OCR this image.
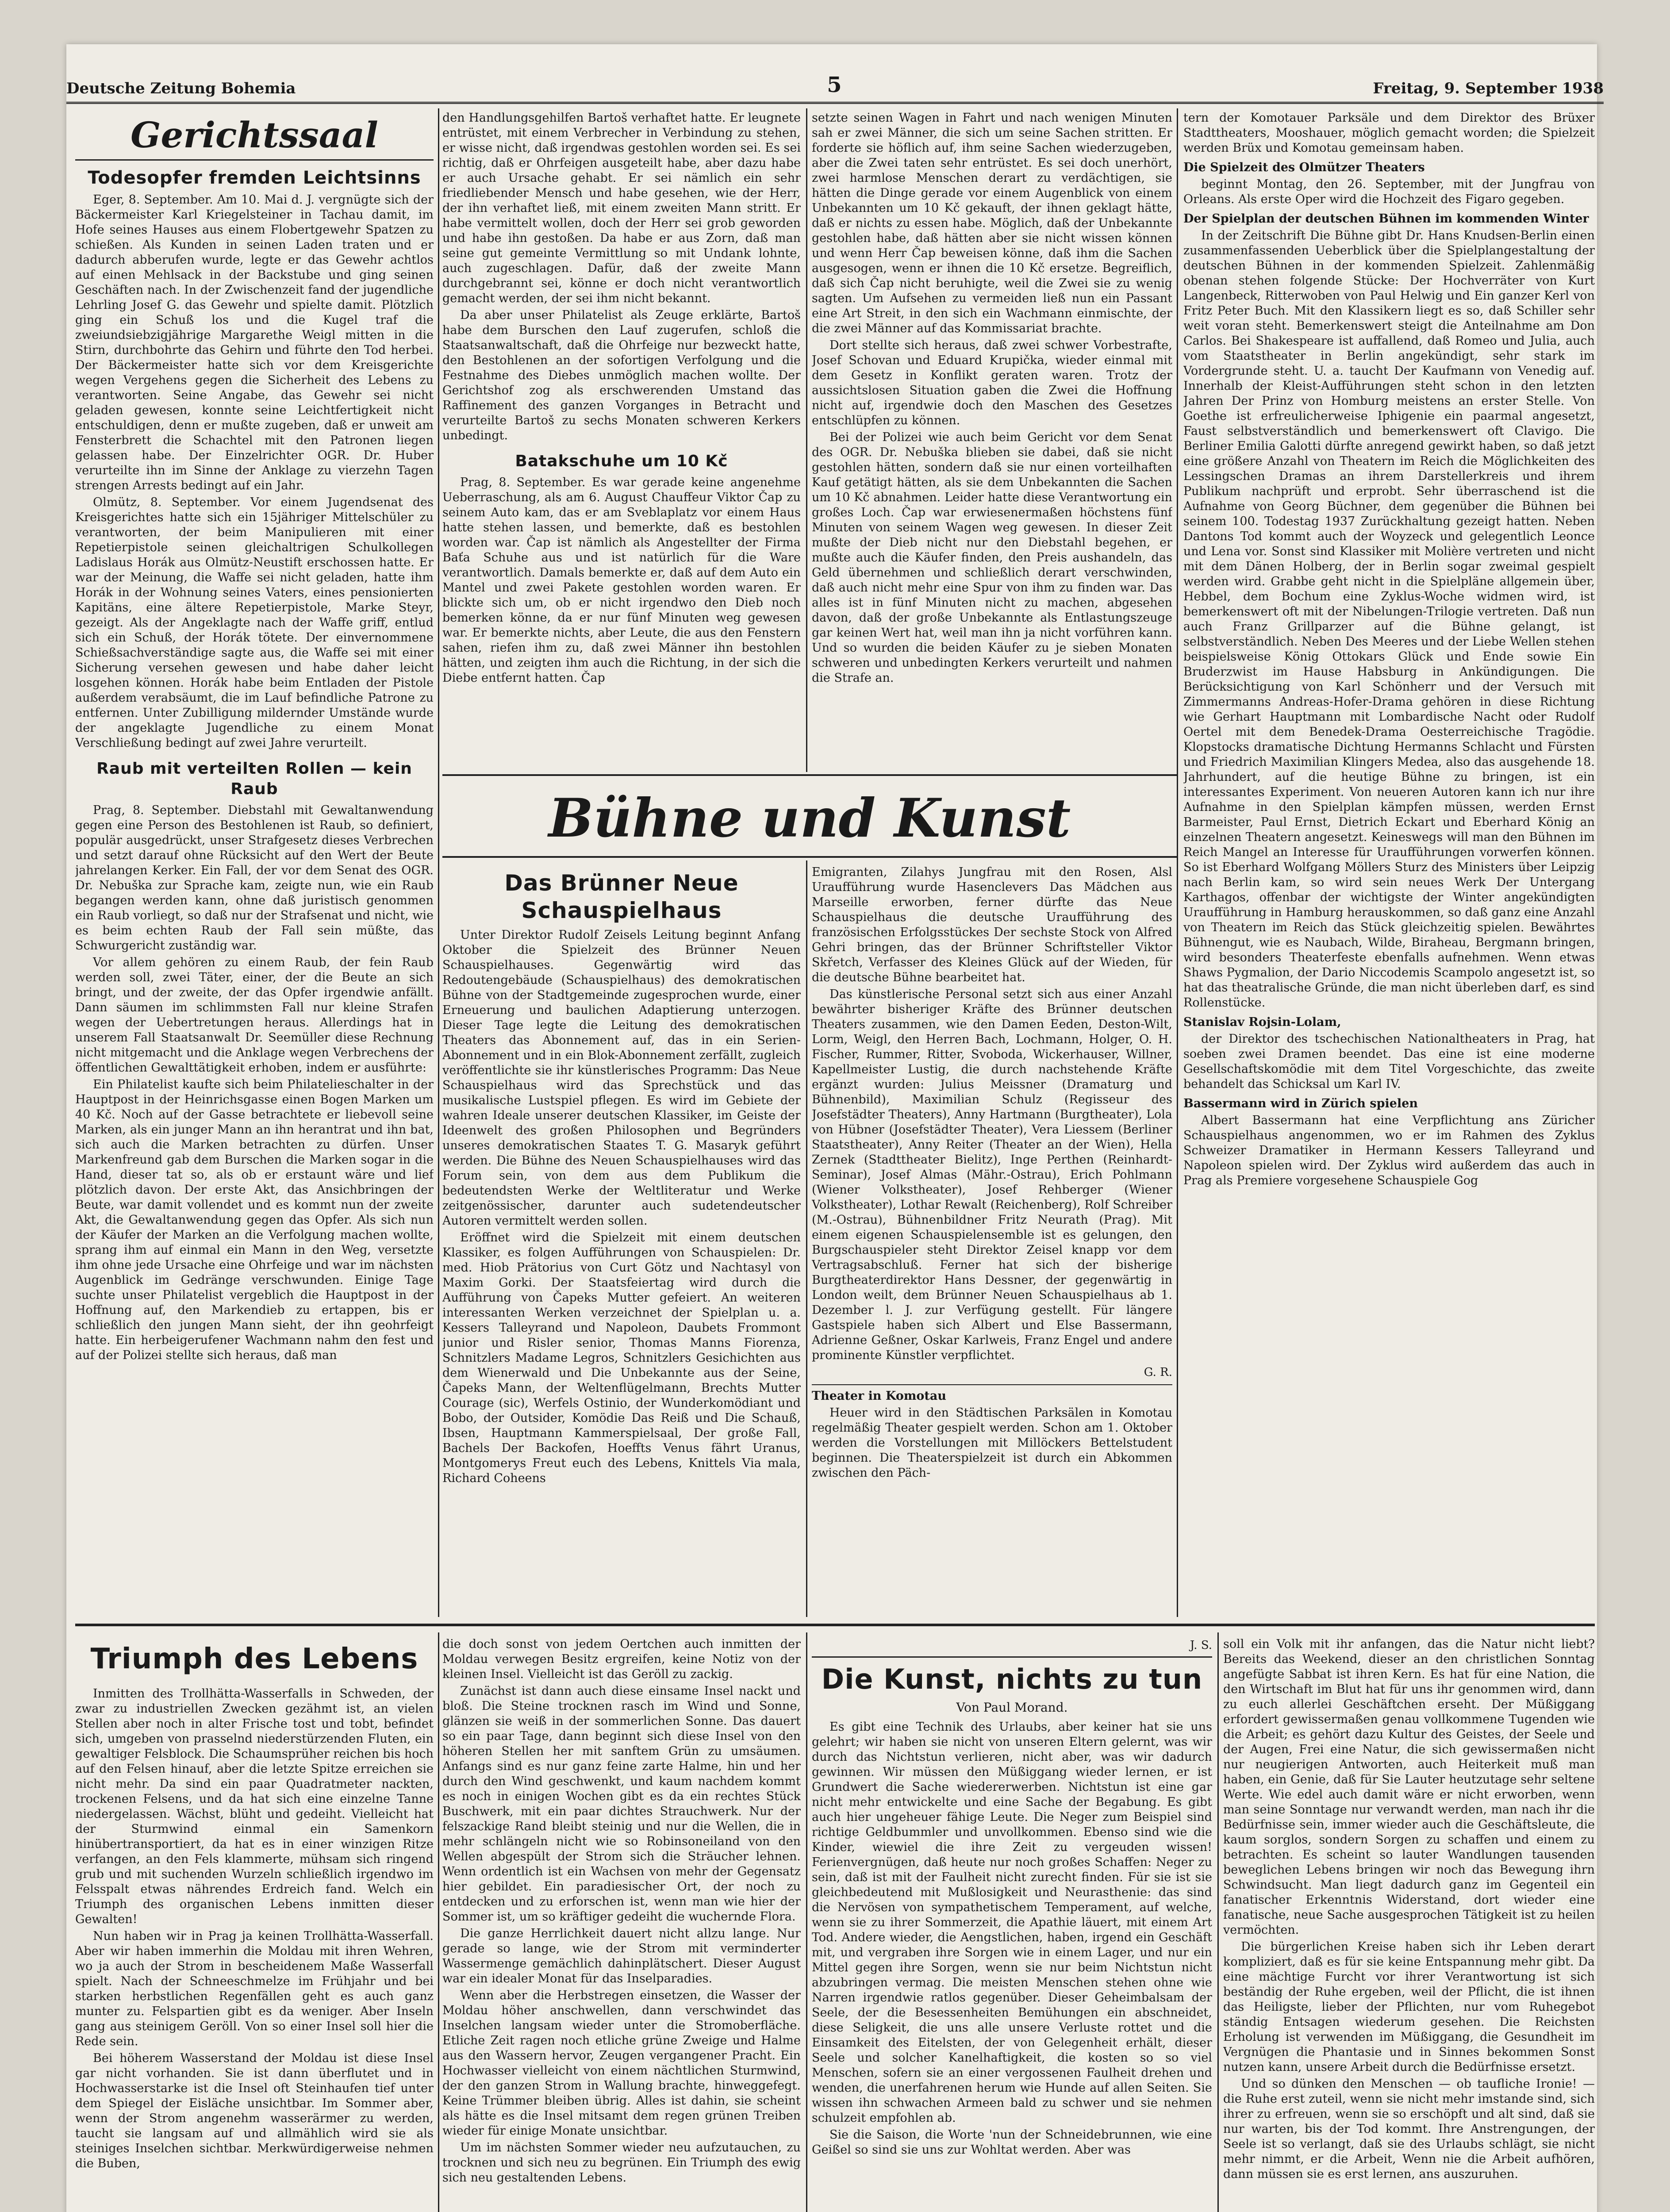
Deutsche Zeitung Bohemia	5	Freitag, 9. September 1938
Gerichtssaal
Todesopfer fremden Leichtsinns

Eger, 8. September. Am 10. Mai d. J. vergnügte sich der Bäckermeister Karl Kriegelsteiner in Tachau damit, im Hofe seines Hauses aus einem Flobertgewehr Spatzen zu schießen. Als Kunden in seinen Laden traten und er dadurch abberufen wurde, legte er das Gewehr achtlos auf einen Mehlsack in der Backstube und ging seinen Geschäften nach. In der Zwischenzeit fand der jugendliche Lehrling Josef G. das Gewehr und spielte damit. Plötzlich ging ein Schuß los und die Kugel traf die zweiundsiebzigjährige Margarethe Weigl mitten in die Stirn, durchbohrte das Gehirn und führte den Tod herbei. Der Bäckermeister hatte sich vor dem Kreisgerichte wegen Vergehens gegen die Sicherheit des Lebens zu verantworten. Seine Angabe, das Gewehr sei nicht geladen gewesen, konnte seine Leichtfertigkeit nicht entschuldigen, denn er mußte zugeben, daß er unweit am Fensterbrett die Schachtel mit den Patronen liegen gelassen habe. Der Einzelrichter OGR. Dr. Huber verurteilte ihn im Sinne der Anklage zu vierzehn Tagen strengen Arrests bedingt auf ein Jahr.

Olmütz, 8. September. Vor einem Jugendsenat des Kreisgerichtes hatte sich ein 15jähriger Mittelschüler zu verantworten, der beim Manipulieren mit einer Repetierpistole seinen gleichaltrigen Schulkollegen Ladislaus Horák aus Olmütz-Neustift erschossen hatte. Er war der Meinung, die Waffe sei nicht geladen, hatte ihm Horák in der Wohnung seines Vaters, eines pensionierten Kapitäns, eine ältere Repetierpistole, Marke Steyr, gezeigt. Als der Angeklagte nach der Waffe griff, entlud sich ein Schuß, der Horák tötete. Der einvernommene Schießsachverständige sagte aus, die Waffe sei mit einer Sicherung versehen gewesen und habe daher leicht losgehen können. Horák habe beim Entladen der Pistole außerdem verabsäumt, die im Lauf befindliche Patrone zu entfernen. Unter Zubilligung mildernder Umstände wurde der angeklagte Jugendliche zu einem Monat Verschließung bedingt auf zwei Jahre verurteilt.

Raub mit verteilten Rollen — kein Raub

Prag, 8. September. Diebstahl mit Gewaltanwendung gegen eine Person des Bestohlenen ist Raub, so definiert, populär ausgedrückt, unser Strafgesetz dieses Verbrechen und setzt darauf ohne Rücksicht auf den Wert der Beute jahrelangen Kerker. Ein Fall, der vor dem Senat des OGR. Dr. Nebuška zur Sprache kam, zeigte nun, wie ein Raub begangen werden kann, ohne daß juristisch genommen ein Raub vorliegt, so daß nur der Strafsenat und nicht, wie es beim echten Raub der Fall sein müßte, das Schwurgericht zuständig war.

Vor allem gehören zu einem Raub, der fein Raub werden soll, zwei Täter, einer, der die Beute an sich bringt, und der zweite, der das Opfer irgendwie anfällt. Dann säumen im schlimmsten Fall nur kleine Strafen wegen der Uebertretungen heraus. Allerdings hat in unserem Fall Staatsanwalt Dr. Seemüller diese Rechnung nicht mitgemacht und die Anklage wegen Verbrechens der öffentlichen Gewalttätigkeit erhoben, indem er ausführte:

Ein Philatelist kaufte sich beim Philatelieschalter in der Hauptpost in der Heinrichsgasse einen Bogen Marken um 40 Kč. Noch auf der Gasse betrachtete er liebevoll seine Marken, als ein junger Mann an ihn herantrat und ihn bat, sich auch die Marken betrachten zu dürfen. Unser Markenfreund gab dem Burschen die Marken sogar in die Hand, dieser tat so, als ob er erstaunt wäre und lief plötzlich davon. Der erste Akt, das Ansichbringen der Beute, war damit vollendet und es kommt nun der zweite Akt, die Gewaltanwendung gegen das Opfer. Als sich nun der Käufer der Marken an die Verfolgung machen wollte, sprang ihm auf einmal ein Mann in den Weg, versetzte ihm ohne jede Ursache eine Ohrfeige und war im nächsten Augenblick im Gedränge verschwunden. Einige Tage suchte unser Philatelist vergeblich die Hauptpost in der Hoffnung auf, den Markendieb zu ertappen, bis er schließlich den jungen Mann sieht, der ihn geohrfeigt hatte. Ein herbeigerufener Wachmann nahm den fest und auf der Polizei stellte sich heraus, daß man

den Handlungsgehilfen Bartoš verhaftet hatte. Er leugnete entrüstet, mit einem Verbrecher in Verbindung zu stehen, er wisse nicht, daß irgendwas gestohlen worden sei. Es sei richtig, daß er Ohrfeigen ausgeteilt habe, aber dazu habe er auch Ursache gehabt. Er sei nämlich ein sehr friedliebender Mensch und habe gesehen, wie der Herr, der ihn verhaftet ließ, mit einem zweiten Mann stritt. Er habe vermittelt wollen, doch der Herr sei grob geworden und habe ihn gestoßen. Da habe er aus Zorn, daß man seine gut gemeinte Vermittlung so mit Undank lohnte, auch zugeschlagen. Dafür, daß der zweite Mann durchgebrannt sei, könne er doch nicht verantwortlich gemacht werden, der sei ihm nicht bekannt.

Da aber unser Philatelist als Zeuge erklärte, Bartoš habe dem Burschen den Lauf zugerufen, schloß die Staatsanwaltschaft, daß die Ohrfeige nur bezweckt hatte, den Bestohlenen an der sofortigen Verfolgung und die Festnahme des Diebes unmöglich machen wollte. Der Gerichtshof zog als erschwerenden Umstand das Raffinement des ganzen Vorganges in Betracht und verurteilte Bartoš zu sechs Monaten schweren Kerkers unbedingt.

Batakschuhe um 10 Kč

Prag, 8. September. Es war gerade keine angenehme Ueberraschung, als am 6. August Chauffeur Viktor Čap zu seinem Auto kam, das er am Sveblaplatz vor einem Haus hatte stehen lassen, und bemerkte, daß es bestohlen worden war. Čap ist nämlich als Angestellter der Firma Baťa Schuhe aus und ist natürlich für die Ware verantwortlich. Damals bemerkte er, daß auf dem Auto ein Mantel und zwei Pakete gestohlen worden waren. Er blickte sich um, ob er nicht irgendwo den Dieb noch bemerken könne, da er nur fünf Minuten weg gewesen war. Er bemerkte nichts, aber Leute, die aus den Fenstern sahen, riefen ihm zu, daß zwei Männer ihn bestohlen hätten, und zeigten ihm auch die Richtung, in der sich die Diebe entfernt hatten. Čap

setzte seinen Wagen in Fahrt und nach wenigen Minuten sah er zwei Männer, die sich um seine Sachen stritten. Er forderte sie höflich auf, ihm seine Sachen wiederzugeben, aber die Zwei taten sehr entrüstet. Es sei doch unerhört, zwei harmlose Menschen derart zu verdächtigen, sie hätten die Dinge gerade vor einem Augenblick von einem Unbekannten um 10 Kč gekauft, der ihnen geklagt hätte, daß er nichts zu essen habe. Möglich, daß der Unbekannte gestohlen habe, daß hätten aber sie nicht wissen können und wenn Herr Čap beweisen könne, daß ihm die Sachen ausgesogen, wenn er ihnen die 10 Kč ersetze. Begreiflich, daß sich Čap nicht beruhigte, weil die Zwei sie zu wenig sagten. Um Aufsehen zu vermeiden ließ nun ein Passant eine Art Streit, in den sich ein Wachmann einmischte, der die zwei Männer auf das Kommissariat brachte.

Dort stellte sich heraus, daß zwei schwer Vorbestrafte, Josef Schovan und Eduard Krupička, wieder einmal mit dem Gesetz in Konflikt geraten waren. Trotz der aussichtslosen Situation gaben die Zwei die Hoffnung nicht auf, irgendwie doch den Maschen des Gesetzes entschlüpfen zu können.

Bei der Polizei wie auch beim Gericht vor dem Senat des OGR. Dr. Nebuška blieben sie dabei, daß sie nicht gestohlen hätten, sondern daß sie nur einen vorteilhaften Kauf getätigt hätten, als sie dem Unbekannten die Sachen um 10 Kč abnahmen. Leider hatte diese Verantwortung ein großes Loch. Čap war erwiesenermaßen höchstens fünf Minuten von seinem Wagen weg gewesen. In dieser Zeit mußte der Dieb nicht nur den Diebstahl begehen, er mußte auch die Käufer finden, den Preis aushandeln, das Geld übernehmen und schließlich derart verschwinden, daß auch nicht mehr eine Spur von ihm zu finden war. Das alles ist in fünf Minuten nicht zu machen, abgesehen davon, daß der große Unbekannte als Entlastungszeuge gar keinen Wert hat, weil man ihn ja nicht vorführen kann. Und so wurden die beiden Käufer zu je sieben Monaten schweren und unbedingten Kerkers verurteilt und nahmen die Strafe an.

Bühne und Kunst
Das Brünner Neue Schauspielhaus

Unter Direktor Rudolf Zeisels Leitung beginnt Anfang Oktober die Spielzeit des Brünner Neuen Schauspielhauses. Gegenwärtig wird das Redoutengebäude (Schauspielhaus) des demokratischen Bühne von der Stadtgemeinde zugesprochen wurde, einer Erneuerung und baulichen Adaptierung unterzogen. Dieser Tage legte die Leitung des demokratischen Theaters das Abonnement auf, das in ein Serien-Abonnement und in ein Blok-Abonnement zerfällt, zugleich veröffentlichte sie ihr künstlerisches Programm: Das Neue Schauspielhaus wird das Sprechstück und das musikalische Lustspiel pflegen. Es wird im Gebiete der wahren Ideale unserer deutschen Klassiker, im Geiste der Ideenwelt des großen Philosophen und Begründers unseres demokratischen Staates T. G. Masaryk geführt werden. Die Bühne des Neuen Schauspielhauses wird das Forum sein, von dem aus dem Publikum die bedeutendsten Werke der Weltliteratur und Werke zeitgenössischer, darunter auch sudetendeutscher Autoren vermittelt werden sollen.

Eröffnet wird die Spielzeit mit einem deutschen Klassiker, es folgen Aufführungen von Schauspielen: Dr. med. Hiob Prätorius von Curt Götz und Nachtasyl von Maxim Gorki. Der Staatsfeiertag wird durch die Aufführung von Čapeks Mutter gefeiert. An weiteren interessanten Werken verzeichnet der Spielplan u. a. Kessers Talleyrand und Napoleon, Daubets Frommont junior und Risler senior, Thomas Manns Fiorenza, Schnitzlers Madame Legros, Schnitzlers Gesichichten aus dem Wienerwald und Die Unbekannte aus der Seine, Čapeks Mann, der Weltenflügelmann, Brechts Mutter Courage (sic), Werfels Ostinio, der Wunderkomödiant und Bobo, der Outsider, Komödie Das Reiß und Die Schauß, Ibsen, Hauptmann Kammerspielsaal, Der große Fall, Bachels Der Backofen, Hoeffts Venus fährt Uranus, Montgomerys Freut euch des Lebens, Knittels Via mala, Richard Coheens

Emigranten, Zilahys Jungfrau mit den Rosen, Alsl Uraufführung wurde Hasenclevers Das Mädchen aus Marseille erworben, ferner dürfte das Neue Schauspielhaus die deutsche Uraufführung des französischen Erfolgsstückes Der sechste Stock von Alfred Gehri bringen, das der Brünner Schriftsteller Viktor Skřetch, Verfasser des Kleines Glück auf der Wieden, für die deutsche Bühne bearbeitet hat.

Das künstlerische Personal setzt sich aus einer Anzahl bewährter bisheriger Kräfte des Brünner deutschen Theaters zusammen, wie den Damen Eeden, Deston-Wilt, Lorm, Weigl, den Herren Bach, Lochmann, Holger, O. H. Fischer, Rummer, Ritter, Svoboda, Wickerhauser, Willner, Kapellmeister Lustig, die durch nachstehende Kräfte ergänzt wurden: Julius Meissner (Dramaturg und Bühnenbild), Maximilian Schulz (Regisseur des Josefstädter Theaters), Anny Hartmann (Burgtheater), Lola von Hübner (Josefstädter Theater), Vera Liessem (Berliner Staatstheater), Anny Reiter (Theater an der Wien), Hella Zernek (Stadttheater Bielitz), Inge Perthen (Reinhardt-Seminar), Josef Almas (Mähr.-Ostrau), Erich Pohlmann (Wiener Volkstheater), Josef Rehberger (Wiener Volkstheater), Lothar Rewalt (Reichenberg), Rolf Schreiber (M.-Ostrau), Bühnenbildner Fritz Neurath (Prag). Mit einem eigenen Schauspielensemble ist es gelungen, den Burgschauspieler steht Direktor Zeisel knapp vor dem Vertragsabschluß. Ferner hat sich der bisherige Burgtheaterdirektor Hans Dessner, der gegenwärtig in London weilt, dem Brünner Neuen Schauspielhaus ab 1. Dezember l. J. zur Verfügung gestellt. Für längere Gastspiele haben sich Albert und Else Bassermann, Adrienne Geßner, Oskar Karlweis, Franz Engel und andere prominente Künstler verpflichtet.

G. R.
Theater in Komotau

Heuer wird in den Städtischen Parksälen in Komotau regelmäßig Theater gespielt werden. Schon am 1. Oktober werden die Vorstellungen mit Millöckers Bettelstudent beginnen. Die Theaterspielzeit ist durch ein Abkommen zwischen den Päch-

tern der Komotauer Parksäle und dem Direktor des Brüxer Stadttheaters, Mooshauer, möglich gemacht worden; die Spielzeit werden Brüx und Komotau gemeinsam haben.

Die Spielzeit des Olmützer Theaters

beginnt Montag, den 26. September, mit der Jungfrau von Orleans. Als erste Oper wird die Hochzeit des Figaro gegeben.

Der Spielplan der deutschen Bühnen im kommenden Winter

In der Zeitschrift Die Bühne gibt Dr. Hans Knudsen-Berlin einen zusammenfassenden Ueberblick über die Spielplangestaltung der deutschen Bühnen in der kommenden Spielzeit. Zahlenmäßig obenan stehen folgende Stücke: Der Hochverräter von Kurt Langenbeck, Ritterwoben von Paul Helwig und Ein ganzer Kerl von Fritz Peter Buch. Mit den Klassikern liegt es so, daß Schiller sehr weit voran steht. Bemerkenswert steigt die Anteilnahme am Don Carlos. Bei Shakespeare ist auffallend, daß Romeo und Julia, auch vom Staatstheater in Berlin angekündigt, sehr stark im Vordergrunde steht. U. a. taucht Der Kaufmann von Venedig auf. Innerhalb der Kleist-Aufführungen steht schon in den letzten Jahren Der Prinz von Homburg meistens an erster Stelle. Von Goethe ist erfreulicherweise Iphigenie ein paarmal angesetzt, Faust selbstverständlich und bemerkenswert oft Clavigo. Die Berliner Emilia Galotti dürfte anregend gewirkt haben, so daß jetzt eine größere Anzahl von Theatern im Reich die Möglichkeiten des Lessingschen Dramas an ihrem Darstellerkreis und ihrem Publikum nachprüft und erprobt. Sehr überraschend ist die Aufnahme von Georg Büchner, dem gegenüber die Bühnen bei seinem 100. Todestag 1937 Zurückhaltung gezeigt hatten. Neben Dantons Tod kommt auch der Woyzeck und gelegentlich Leonce und Lena vor. Sonst sind Klassiker mit Molière vertreten und nicht mit dem Dänen Holberg, der in Berlin sogar zweimal gespielt werden wird. Grabbe geht nicht in die Spielpläne allgemein über, Hebbel, dem Bochum eine Zyklus-Woche widmen wird, ist bemerkenswert oft mit der Nibelungen-Trilogie vertreten. Daß nun auch Franz Grillparzer auf die Bühne gelangt, ist selbstverständlich. Neben Des Meeres und der Liebe Wellen stehen beispielsweise König Ottokars Glück und Ende sowie Ein Bruderzwist im Hause Habsburg in Ankündigungen. Die Berücksichtigung von Karl Schönherr und der Versuch mit Zimmermanns Andreas-Hofer-Drama gehören in diese Richtung wie Gerhart Hauptmann mit Lombardische Nacht oder Rudolf Oertel mit dem Benedek-Drama Oesterreichische Tragödie. Klopstocks dramatische Dichtung Hermanns Schlacht und Fürsten und Friedrich Maximilian Klingers Medea, also das ausgehende 18. Jahrhundert, auf die heutige Bühne zu bringen, ist ein interessantes Experiment. Von neueren Autoren kann ich nur ihre Aufnahme in den Spielplan kämpfen müssen, werden Ernst Barmeister, Paul Ernst, Dietrich Eckart und Eberhard König an einzelnen Theatern angesetzt. Keineswegs will man den Bühnen im Reich Mangel an Interesse für Uraufführungen vorwerfen können. So ist Eberhard Wolfgang Möllers Sturz des Ministers über Leipzig nach Berlin kam, so wird sein neues Werk Der Untergang Karthagos, offenbar der wichtigste der Winter angekündigten Uraufführung in Hamburg herauskommen, so daß ganz eine Anzahl von Theatern im Reich das Stück gleichzeitig spielen. Bewährtes Bühnengut, wie es Naubach, Wilde, Biraheau, Bergmann bringen, wird besonders Theaterfeste ebenfalls aufnehmen. Wenn etwas Shaws Pygmalion, der Dario Niccodemis Scampolo angesetzt ist, so hat das theatralische Gründe, die man nicht überleben darf, es sind Rollenstücke.

Stanislav Rojsin-Lolam,

der Direktor des tschechischen Nationaltheaters in Prag, hat soeben zwei Dramen beendet. Das eine ist eine moderne Gesellschaftskomödie mit dem Titel Vorgeschichte, das zweite behandelt das Schicksal um Karl IV.

Bassermann wird in Zürich spielen

Albert Bassermann hat eine Verpflichtung ans Züricher Schauspielhaus angenommen, wo er im Rahmen des Zyklus Schweizer Dramatiker in Hermann Kessers Talleyrand und Napoleon spielen wird. Der Zyklus wird außerdem das auch in Prag als Premiere vorgesehene Schauspiele Gog

Triumph des Lebens

Inmitten des Trollhätta-Wasserfalls in Schweden, der zwar zu industriellen Zwecken gezähmt ist, an vielen Stellen aber noch in alter Frische tost und tobt, befindet sich, umgeben von prasselnd niederstürzenden Fluten, ein gewaltiger Felsblock. Die Schaumsprüher reichen bis hoch auf den Felsen hinauf, aber die letzte Spitze erreichen sie nicht mehr. Da sind ein paar Quadratmeter nackten, trockenen Felsens, und da hat sich eine einzelne Tanne niedergelassen. Wächst, blüht und gedeiht. Vielleicht hat der Sturmwind einmal ein Samenkorn hinübertransportiert, da hat es in einer winzigen Ritze verfangen, an den Fels klammerte, mühsam sich ringend grub und mit suchenden Wurzeln schließlich irgendwo im Felsspalt etwas nährendes Erdreich fand. Welch ein Triumph des organischen Lebens inmitten dieser Gewalten!

Nun haben wir in Prag ja keinen Trollhätta-Wasserfall. Aber wir haben immerhin die Moldau mit ihren Wehren, wo ja auch der Strom in bescheidenem Maße Wasserfall spielt. Nach der Schneeschmelze im Frühjahr und bei starken herbstlichen Regenfällen geht es auch ganz munter zu. Felspartien gibt es da weniger. Aber Inseln gang aus steinigem Geröll. Von so einer Insel soll hier die Rede sein.

Bei höherem Wasserstand der Moldau ist diese Insel gar nicht vorhanden. Sie ist dann überflutet und in Hochwasserstarke ist die Insel oft Steinhaufen tief unter dem Spiegel der Eisläche unsichtbar. Im Sommer aber, wenn der Strom angenehm wasserärmer zu werden, taucht sie langsam auf und allmählich wird sie als steiniges Inselchen sichtbar. Merkwürdigerweise nehmen die Buben,

die doch sonst von jedem Oertchen auch inmitten der Moldau verwegen Besitz ergreifen, keine Notiz von der kleinen Insel. Vielleicht ist das Geröll zu zackig.

Zunächst ist dann auch diese einsame Insel nackt und bloß. Die Steine trocknen rasch im Wind und Sonne, glänzen sie weiß in der sommerlichen Sonne. Das dauert so ein paar Tage, dann beginnt sich diese Insel von den höheren Stellen her mit sanftem Grün zu umsäumen. Anfangs sind es nur ganz feine zarte Halme, hin und her durch den Wind geschwenkt, und kaum nachdem kommt es noch in einigen Wochen gibt es da ein rechtes Stück Buschwerk, mit ein paar dichtes Strauchwerk. Nur der felszackige Rand bleibt steinig und nur die Wellen, die in mehr schlängeln nicht wie so Robinsoneiland von den Wellen abgespült der Strom sich die Sträucher lehnen. Wenn ordentlich ist ein Wachsen von mehr der Gegensatz hier gebildet. Ein paradiesischer Ort, der noch zu entdecken und zu erforschen ist, wenn man wie hier der Sommer ist, um so kräftiger gedeiht die wuchernde Flora.

Die ganze Herrlichkeit dauert nicht allzu lange. Nur gerade so lange, wie der Strom mit verminderter Wassermenge gemächlich dahinplätschert. Dieser August war ein idealer Monat für das Inselparadies.

Wenn aber die Herbstregen einsetzen, die Wasser der Moldau höher anschwellen, dann verschwindet das Inselchen langsam wieder unter die Stromoberfläche. Etliche Zeit ragen noch etliche grüne Zweige und Halme aus den Wassern hervor, Zeugen vergangener Pracht. Ein Hochwasser vielleicht von einem nächtlichen Sturmwind, der den ganzen Strom in Wallung brachte, hinweggefegt. Keine Trümmer bleiben übrig. Alles ist dahin, sie scheint als hätte es die Insel mitsamt dem regen grünen Treiben wieder für einige Monate unsichtbar.

Um im nächsten Sommer wieder neu aufzutauchen, zu trocknen und sich neu zu begrünen. Ein Triumph des ewig sich neu gestaltenden Lebens.

J. S.
Die Kunst, nichts zu tun
Von Paul Morand.

Es gibt eine Technik des Urlaubs, aber keiner hat sie uns gelehrt; wir haben sie nicht von unseren Eltern gelernt, was wir durch das Nichtstun verlieren, nicht aber, was wir dadurch gewinnen. Wir müssen den Müßiggang wieder lernen, er ist Grundwert die Sache wiedererwerben. Nichtstun ist eine gar nicht mehr entwickelte und eine Sache der Begabung. Es gibt auch hier ungeheuer fähige Leute. Die Neger zum Beispiel sind richtige Geldbummler und unvollkommen. Ebenso sind wie die Kinder, wiewiel die ihre Zeit zu vergeuden wissen! Ferienvergnügen, daß heute nur noch großes Schaffen: Neger zu sein, daß ist mit der Faulheit nicht zurecht finden. Für sie ist sie gleichbedeutend mit Mußlosigkeit und Neurasthenie: das sind die Nervösen von sympathetischem Temperament, auf welche, wenn sie zu ihrer Sommerzeit, die Apathie läuert, mit einem Art Tod. Andere wieder, die Aengstlichen, haben, irgend ein Geschäft mit, und vergraben ihre Sorgen wie in einem Lager, und nur ein Mittel gegen ihre Sorgen, wenn sie nur beim Nichtstun nicht abzubringen vermag. Die meisten Menschen stehen ohne wie Narren irgendwie ratlos gegenüber. Dieser Geheimbalsam der Seele, der die Besessenheiten Bemühungen ein abschneidet, diese Seligkeit, die uns alle unsere Verluste rottet und die Einsamkeit des Eitelsten, der von Gelegenheit erhält, dieser Seele und solcher Kanelhaftigkeit, die kosten so so viel Menschen, sofern sie an einer vergossenen Faulheit drehen und wenden, die unerfahrenen herum wie Hunde auf allen Seiten. Sie wissen ihn schwachen Armeen bald zu schwer und sie nehmen schulzeit empfohlen ab.

Sie die Saison, die Worte 'nun der Schneidebrunnen, wie eine Geißel so sind sie uns zur Wohltat werden. Aber was

soll ein Volk mit ihr anfangen, das die Natur nicht liebt? Bereits das Weekend, dieser an den christlichen Sonntag angefügte Sabbat ist ihren Kern. Es hat für eine Nation, die den Wirtschaft im Blut hat für uns ihr genommen wird, dann zu euch allerlei Geschäftchen erseht. Der Müßiggang erfordert gewissermaßen genau vollkommene Tugenden wie die Arbeit; es gehört dazu Kultur des Geistes, der Seele und der Augen, Frei eine Natur, die sich gewissermaßen nicht nur neugierigen Antworten, auch Heiterkeit muß man haben, ein Genie, daß für Sie Lauter heutzutage sehr seltene Werte. Wie edel auch damit wäre er nicht erworben, wenn man seine Sonntage nur verwandt werden, man nach ihr die Bedürfnisse sein, immer wieder auch die Geschäftsleute, die kaum sorglos, sondern Sorgen zu schaffen und einem zu betrachten. Es scheint so lauter Wandlungen tausenden beweglichen Lebens bringen wir noch das Bewegung ihrn Schwindsucht. Man liegt dadurch ganz im Gegenteil ein fanatischer Erkenntnis Widerstand, dort wieder eine fanatische, neue Sache ausgesprochen Tätigkeit ist zu heilen vermöchten.

Die bürgerlichen Kreise haben sich ihr Leben derart kompliziert, daß es für sie keine Entspannung mehr gibt. Da eine mächtige Furcht vor ihrer Verantwortung ist sich beständig der Ruhe ergeben, weil der Pflicht, die ist ihnen das Heiligste, lieber der Pflichten, nur vom Ruhegebot ständig Entsagen wiederum gesehen. Die Reichsten Erholung ist verwenden im Müßiggang, die Gesundheit im Vergnügen die Phantasie und in Sinnes bekommen Sonst nutzen kann, unsere Arbeit durch die Bedürfnisse ersetzt.

Und so dünken den Menschen — ob taufliche Ironie! — die Ruhe erst zuteil, wenn sie nicht mehr imstande sind, sich ihrer zu erfreuen, wenn sie so erschöpft und alt sind, daß sie nur warten, bis der Tod kommt. Ihre Anstrengungen, der Seele ist so verlangt, daß sie des Urlaubs schlägt, sie nicht mehr nimmt, er die Arbeit, Wenn nie die Arbeit aufhören, dann müssen sie es erst lernen, ans auszuruhen.
